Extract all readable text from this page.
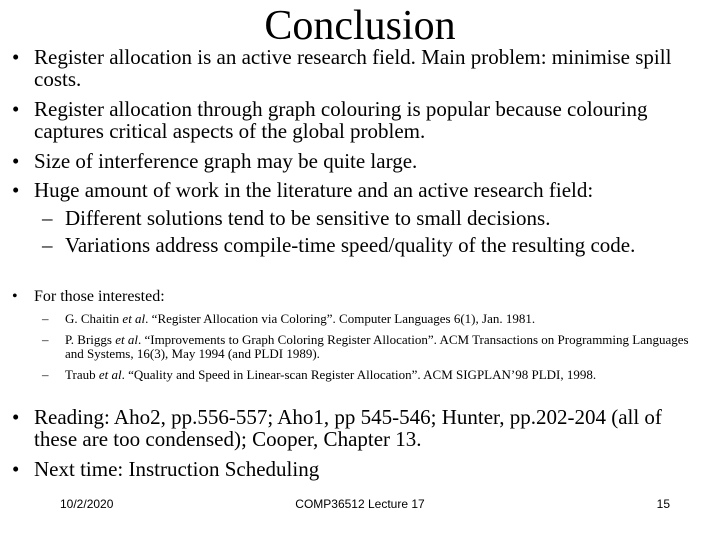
Conclusion
• Register allocation is an active research field. Main problem: minimise spill costs.
• Register allocation through graph colouring is popular because colouring captures critical aspects of the global problem.
• Size of interference graph may be quite large.
• Huge amount of work in the literature and an active research field:
– Different solutions tend to be sensitive to small decisions.
– Variations address compile-time speed/quality of the resulting code.
• For those interested:
– G. Chaitin et al. “Register Allocation via Coloring”. Computer Languages 6(1), Jan. 1981.
– P. Briggs et al. “Improvements to Graph Coloring Register Allocation”. ACM Transactions on Programming Languages and Systems, 16(3), May 1994 (and PLDI 1989).
– Traub et al. “Quality and Speed in Linear-scan Register Allocation”. ACM SIGPLAN’98 PLDI, 1998.
• Reading: Aho2, pp.556-557; Aho1, pp 545-546; Hunter, pp.202-204 (all of these are too condensed); Cooper, Chapter 13.
• Next time: Instruction Scheduling
10/2/2020	COMP36512 Lecture 17	15
